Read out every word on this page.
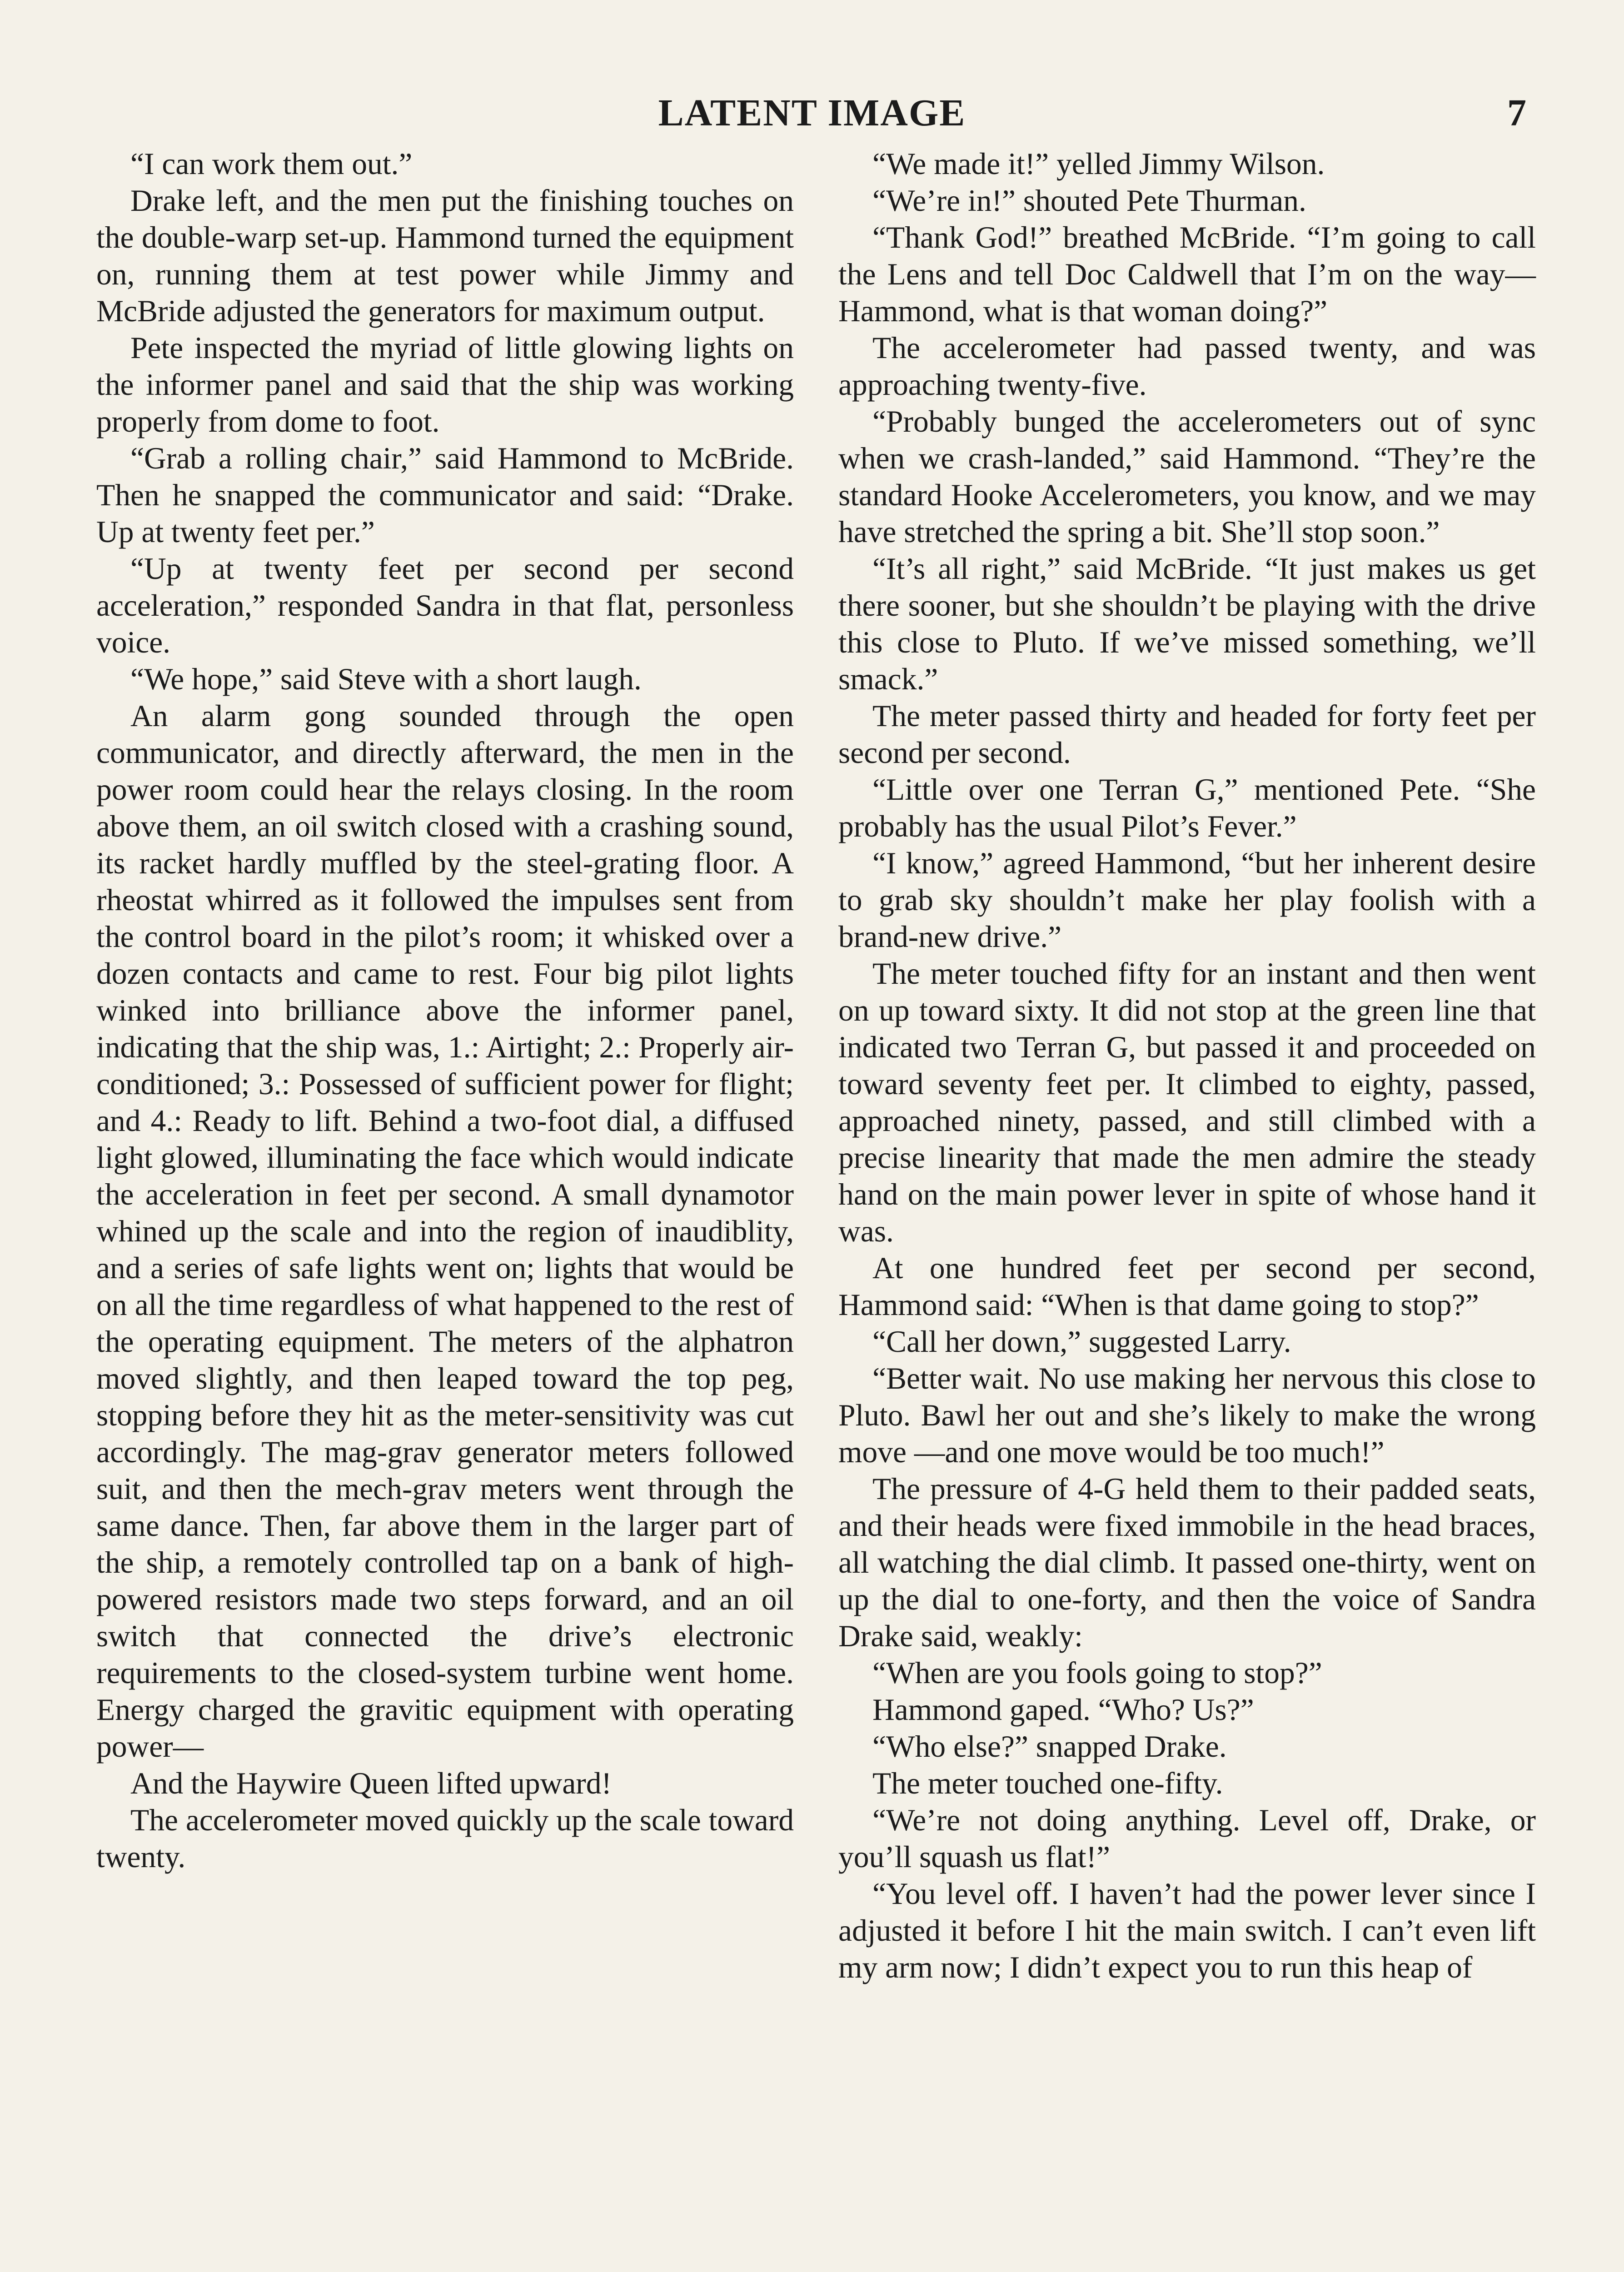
LATENT IMAGE	7

“I can work them out.”

Drake left, and the men put the finishing touches on the double-warp set-up. Hammond turned the equipment on, running them at test power while Jimmy and McBride adjusted the generators for maximum output.

Pete inspected the myriad of little glowing lights on the informer panel and said that the ship was working properly from dome to foot.

“Grab a rolling chair,” said Hammond to McBride. Then he snapped the communicator and said: “Drake. Up at twenty feet per.”

“Up at twenty feet per second per second acceleration,” responded Sandra in that flat, personless voice.

“We hope,” said Steve with a short laugh.

An alarm gong sounded through the open communicator, and directly afterward, the men in the power room could hear the relays closing. In the room above them, an oil switch closed with a crashing sound, its racket hardly muffled by the steel-grating floor. A rheostat whirred as it followed the impulses sent from the control board in the pilot’s room; it whisked over a dozen contacts and came to rest. Four big pilot lights winked into brilliance above the informer panel, indicating that the ship was, 1.: Airtight; 2.: Properly air-conditioned; 3.: Possessed of sufficient power for flight; and 4.: Ready to lift. Behind a two-foot dial, a diffused light glowed, illuminating the face which would indicate the acceleration in feet per second. A small dynamotor whined up the scale and into the region of inaudiblity, and a series of safe lights went on; lights that would be on all the time regardless of what happened to the rest of the operating equipment. The meters of the alphatron moved slightly, and then leaped toward the top peg, stopping before they hit as the meter-sensitivity was cut accordingly. The mag-grav generator meters followed suit, and then the mech-grav meters went through the same dance. Then, far above them in the larger part of the ship, a remotely controlled tap on a bank of high-powered resistors made two steps forward, and an oil switch that connected the drive’s electronic requirements to the closed-system turbine went home. Energy charged the gravitic equipment with operating power—

And the Haywire Queen lifted upward!

The accelerometer moved quickly up the scale toward twenty.

“We made it!” yelled Jimmy Wilson.

“We’re in!” shouted Pete Thurman.

“Thank God!” breathed McBride. “I’m going to call the Lens and tell Doc Caldwell that I’m on the way— Hammond, what is that woman doing?”

The accelerometer had passed twenty, and was approaching twenty-five.

“Probably bunged the accelerometers out of sync when we crash-landed,” said Hammond. “They’re the standard Hooke Accelerometers, you know, and we may have stretched the spring a bit. She’ll stop soon.”

“It’s all right,” said McBride. “It just makes us get there sooner, but she shouldn’t be playing with the drive this close to Pluto. If we’ve missed something, we’ll smack.”

The meter passed thirty and headed for forty feet per second per second.

“Little over one Terran G,” mentioned Pete. “She probably has the usual Pilot’s Fever.”

“I know,” agreed Hammond, “but her inherent desire to grab sky shouldn’t make her play foolish with a brand-new drive.”

The meter touched fifty for an instant and then went on up toward sixty. It did not stop at the green line that indicated two Terran G, but passed it and proceeded on toward seventy feet per. It climbed to eighty, passed, approached ninety, passed, and still climbed with a precise linearity that made the men admire the steady hand on the main power lever in spite of whose hand it was.

At one hundred feet per second per second, Hammond said: “When is that dame going to stop?”

“Call her down,” suggested Larry.

“Better wait. No use making her nervous this close to Pluto. Bawl her out and she’s likely to make the wrong move —and one move would be too much!”

The pressure of 4-G held them to their padded seats, and their heads were fixed immobile in the head braces, all watching the dial climb. It passed one-thirty, went on up the dial to one-forty, and then the voice of Sandra Drake said, weakly:

“When are you fools going to stop?”

Hammond gaped. “Who? Us?”

“Who else?” snapped Drake.

The meter touched one-fifty.

“We’re not doing anything. Level off, Drake, or you’ll squash us flat!”

“You level off. I haven’t had the power lever since I adjusted it before I hit the main switch. I can’t even lift my arm now; I didn’t expect you to run this heap of
